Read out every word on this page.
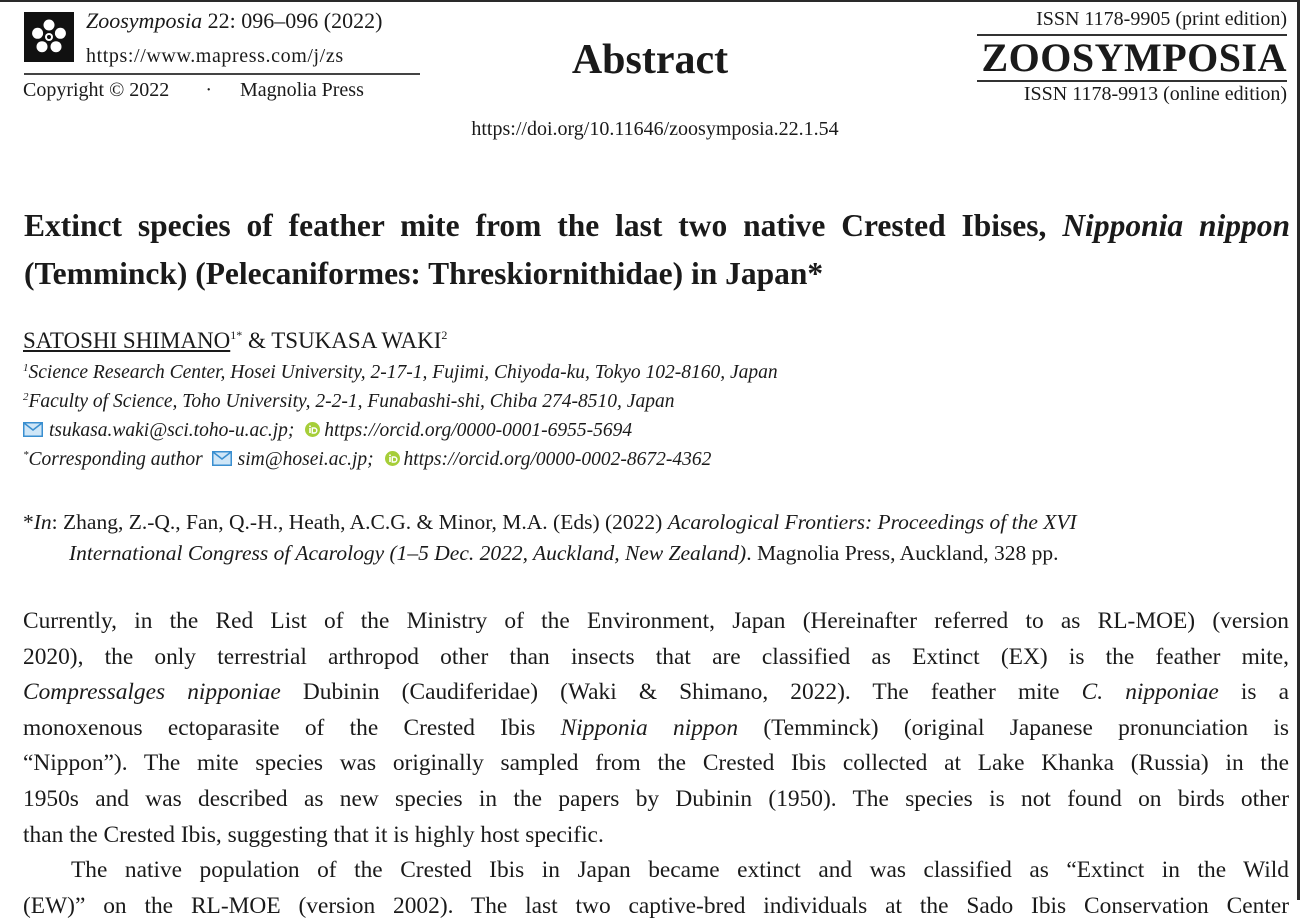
Zoosymposia 22: 096–096 (2022)
https://www.mapress.com/j/zs
Copyright © 2022 · Magnolia Press
Abstract
https://doi.org/10.11646/zoosymposia.22.1.54
ISSN 1178-9905 (print edition)
ZOOSYMPOSIA
ISSN 1178-9913 (online edition)
Extinct species of feather mite from the last two native Crested Ibises, Nipponia nippon (Temminck) (Pelecaniformes: Threskiornithidae) in Japan*
SATOSHI $SHIMANO^{1*}$ & TSUKASA WAKI$^2$
$^1$Science Research Center, Hosei University, 2-17-1, Fujimi, Chiyoda-ku, Tokyo 102-8160, Japan
$^2$Faculty of Science, Toho University, 2-2-1, Funabashi-shi, Chiba 274-8510, Japan
tsukasa.waki@sci.toho-u.ac.jp; https://orcid.org/0000-0001-6955-5694
*Corresponding author sim@hosei.ac.jp; https://orcid.org/0000-0002-8672-4362
*In: Zhang, Z.-Q., Fan, Q.-H., Heath, A.C.G. & Minor, M.A. (Eds) (2022) Acarological Frontiers: Proceedings of the XVI
International Congress of Acarology (1–5 Dec. 2022, Auckland, New Zealand). Magnolia Press, Auckland, 328 pp.
Currently, in the Red List of the Ministry of the Environment, Japan (Hereinafter referred to as RL-MOE) (version
2020), the only terrestrial arthropod other than insects that are classified as Extinct (EX) is the feather mite,
Compressalges nipponiae Dubinin (Caudiferidae) (Waki & Shimano, 2022). The feather mite C. nipponiae is a
monoxenous ectoparasite of the Crested Ibis Nipponia nippon (Temminck) (original Japanese pronunciation is
“Nippon”). The mite species was originally sampled from the Crested Ibis collected at Lake Khanka (Russia) in the
1950s and was described as new species in the papers by Dubinin (1950). The species is not found on birds other
than the Crested Ibis, suggesting that it is highly host specific.
The native population of the Crested Ibis in Japan became extinct and was classified as “Extinct in the Wild
(EW)” on the RL-MOE (version 2002). The last two captive-bred individuals at the Sado Ibis Conservation Center
